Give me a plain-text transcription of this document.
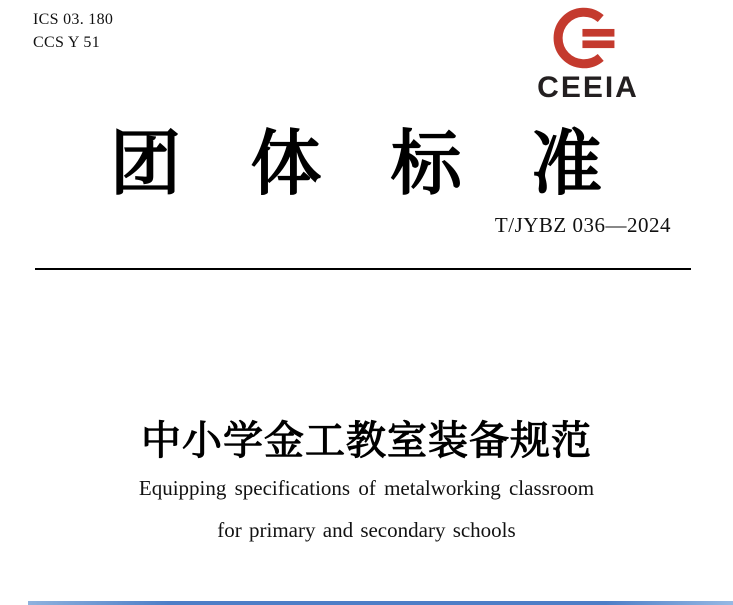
ICS 03. 180
CCS Y 51
CEEIA
团 体 标 准
T/JYBZ 036—2024
中小学金工教室装备规范
Equipping specifications of metalworking classroom
for primary and secondary schools
